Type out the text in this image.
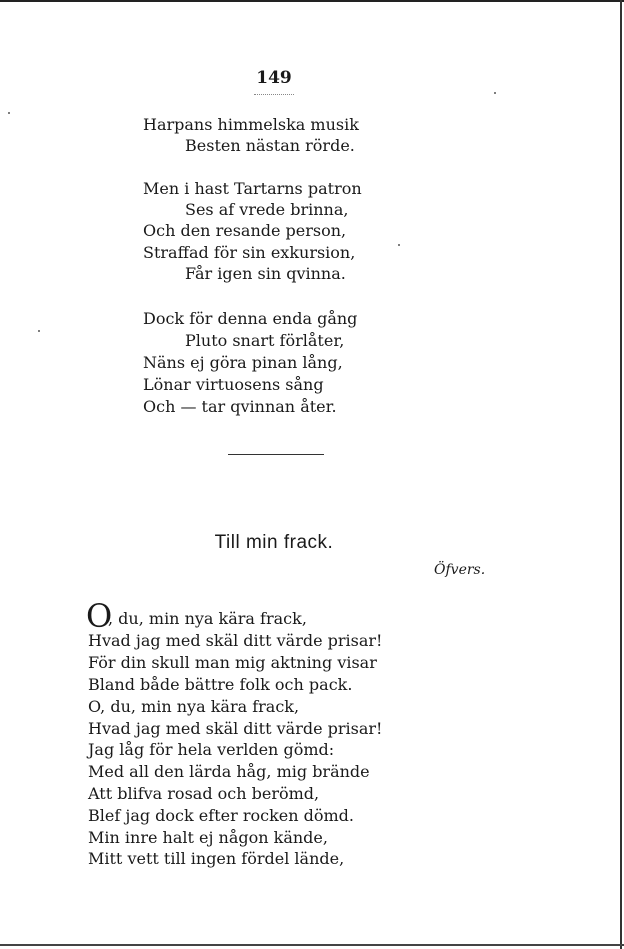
149
Harpans himmelska musik
Besten nästan rörde.
Men i hast Tartarns patron
Ses af vrede brinna,
Och den resande person,
Straffad för sin exkursion,
Får igen sin qvinna.
Dock för denna enda gång
Pluto snart förlåter,
Näns ej göra pinan lång,
Lönar virtuosens sång
Och — tar qvinnan åter.
Till min frack.
Öfvers.
O
, du, min nya kära frack,
Hvad jag med skäl ditt värde prisar!
För din skull man mig aktning visar
Bland både bättre folk och pack.
O, du, min nya kära frack,
Hvad jag med skäl ditt värde prisar!
Jag låg för hela verlden gömd:
Med all den lärda håg, mig brände
Att blifva rosad och berömd,
Blef jag dock efter rocken dömd.
Min inre halt ej någon kände,
Mitt vett till ingen fördel lände,
